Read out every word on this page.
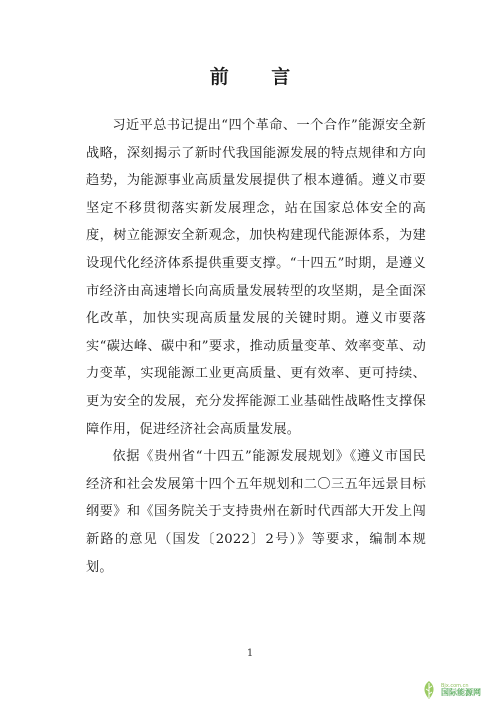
前 言

习近平总书记提出“四个革命、一个合作”能源安全新战略，深刻揭示了新时代我国能源发展的特点规律和方向趋势，为能源事业高质量发展提供了根本遵循。遵义市要坚定不移贯彻落实新发展理念，站在国家总体安全的高度，树立能源安全新观念，加快构建现代能源体系，为建设现代化经济体系提供重要支撑。“十四五”时期，是遵义市经济由高速增长向高质量发展转型的攻坚期，是全面深化改革，加快实现高质量发展的关键时期。遵义市要落实“碳达峰、碳中和”要求，推动质量变革、效率变革、动力变革，实现能源工业更高质量、更有效率、更可持续、更为安全的发展，充分发挥能源工业基础性战略性支撑保障作用，促进经济社会高质量发展。

依据《贵州省“十四五”能源发展规划》《遵义市国民经济和社会发展第十四个五年规划和二〇三五年远景目标纲要》和《国务院关于支持贵州在新时代西部大开发上闯新路的意见（国发〔2022〕2号）》等要求，编制本规划。

1
Bjx.com.cn
国际能源网
